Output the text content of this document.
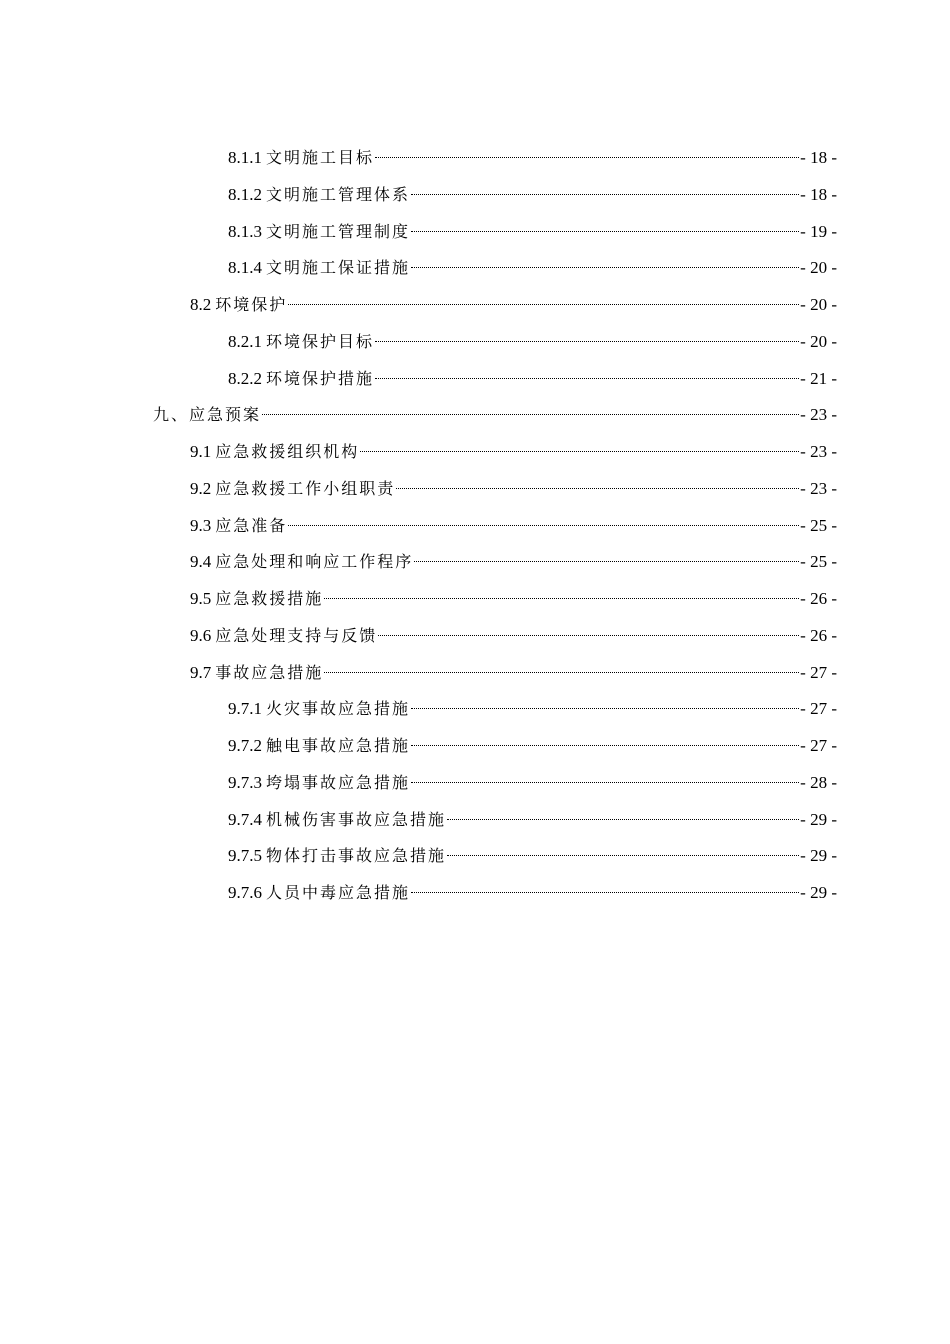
8.1.1 文明施工目标	- 18 -
8.1.2 文明施工管理体系	- 18 -
8.1.3 文明施工管理制度	- 19 -
8.1.4 文明施工保证措施	- 20 -
8.2 环境保护	- 20 -
8.2.1 环境保护目标	- 20 -
8.2.2 环境保护措施	- 21 -
九、应急预案	- 23 -
9.1 应急救援组织机构	- 23 -
9.2 应急救援工作小组职责	- 23 -
9.3 应急准备	- 25 -
9.4 应急处理和响应工作程序	- 25 -
9.5 应急救援措施	- 26 -
9.6 应急处理支持与反馈	- 26 -
9.7 事故应急措施	- 27 -
9.7.1 火灾事故应急措施	- 27 -
9.7.2 触电事故应急措施	- 27 -
9.7.3 垮塌事故应急措施	- 28 -
9.7.4 机械伤害事故应急措施	- 29 -
9.7.5 物体打击事故应急措施	- 29 -
9.7.6 人员中毒应急措施	- 29 -
